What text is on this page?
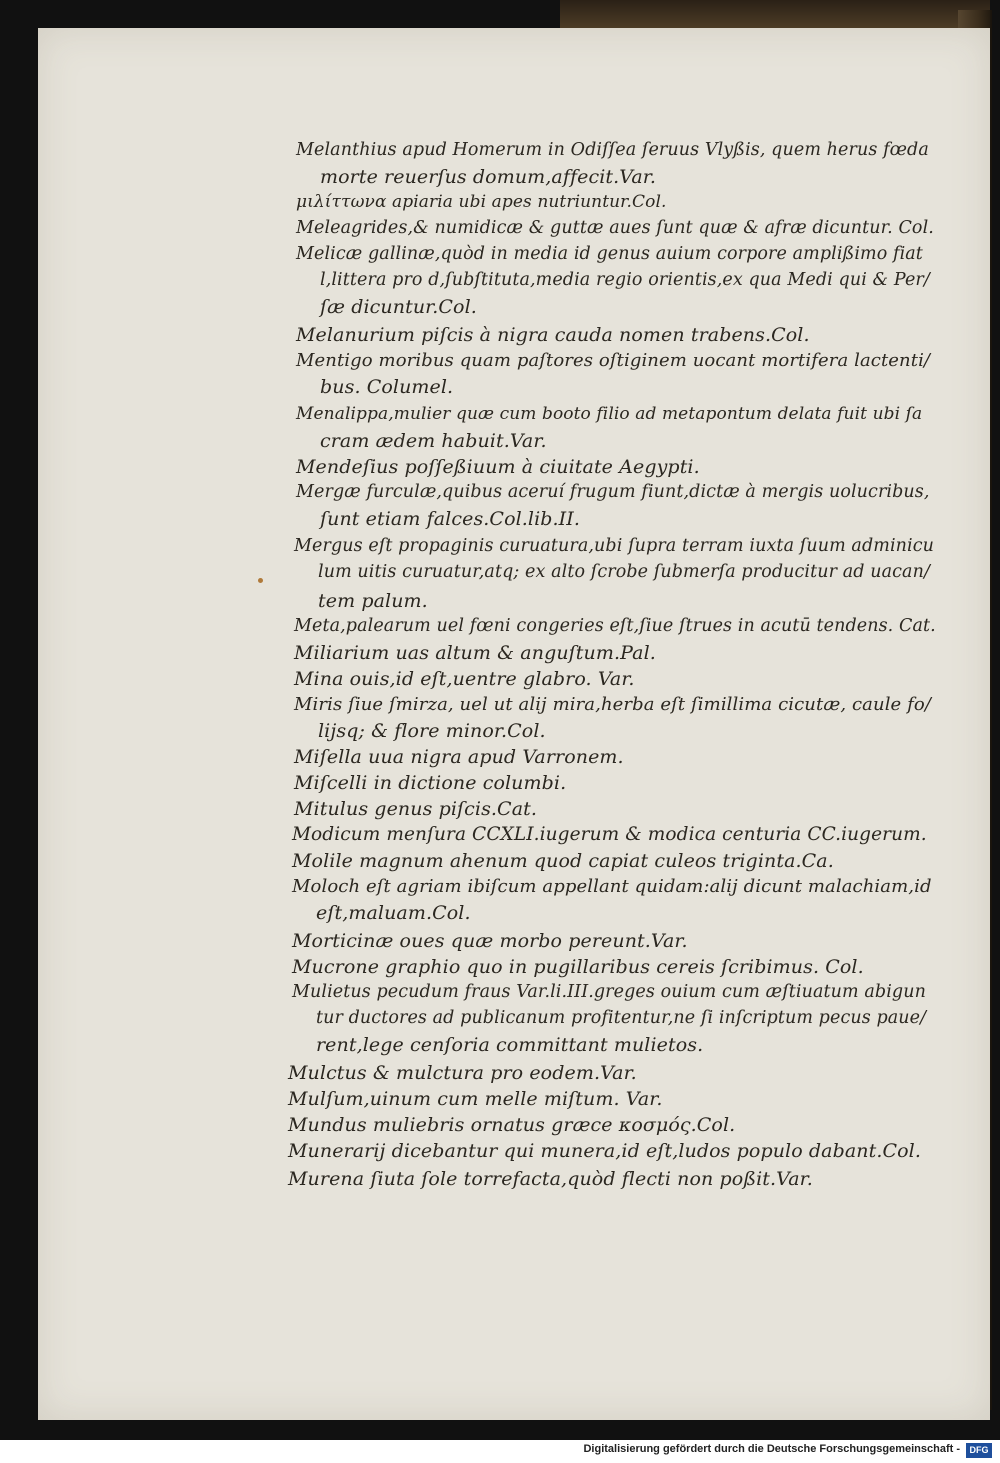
Melanthius apud Homerum in Odiſſea ſeruus Vlyßis, quem herus fœda
morte reuerſus domum,affecit.Var.
μιλίττωνα apiaria ubi apes nutriuntur.Col.
Meleagrides,& numidicæ & guttæ aues ſunt quæ & afræ dicuntur. Col.
Melicæ gallinæ,quòd in media id genus auium corpore amplißimo fiat
l,littera pro d,ſubſtituta,media regio orientis,ex qua Medi qui & Per/
ſæ dicuntur.Col.
Melanurium piſcis à nigra cauda nomen trabens.Col.
Mentigo moribus quam paſtores oſtiginem uocant mortifera lactenti/
bus. Columel.
Menalippa,mulier quæ cum booto filio ad metapontum delata fuit ubi ſa
cram ædem habuit.Var.
Mendeſius poſſeßiuum à ciuitate Aegypti.
Mergæ furculæ,quibus aceruí frugum fiunt,dictæ à mergis uolucribus,
ſunt etiam falces.Col.lib.II.
Mergus eſt propaginis curuatura,ubi ſupra terram iuxta ſuum adminicu
lum uitis curuatur,atq; ex alto ſcrobe ſubmerſa producitur ad uacan/
tem palum.
Meta,palearum uel fœni congeries eſt,ſiue ſtrues in acutū tendens. Cat.
Miliarium uas altum & anguſtum.Pal.
Mina ouis,id eſt,uentre glabro. Var.
Miris ſiue ſmirza, uel ut alij mira,herba eſt ſimillima cicutæ, caule fo/
lijsq; & flore minor.Col.
Miſella uua nigra apud Varronem.
Miſcelli in dictione columbi.
Mitulus genus piſcis.Cat.
Modicum menſura CCXLI.iugerum & modica centuria CC.iugerum.
Molile magnum ahenum quod capiat culeos triginta.Ca.
Moloch eſt agriam ibiſcum appellant quidam:alij dicunt malachiam,id
eſt,maluam.Col.
Morticinæ oues quæ morbo pereunt.Var.
Mucrone graphio quo in pugillaribus cereis ſcribimus. Col.
Mulietus pecudum fraus Var.li.III.greges ouium cum æſtiuatum abigun
tur ductores ad publicanum profitentur,ne ſi inſcriptum pecus paue/
rent,lege cenſoria committant mulietos.
Mulctus & mulctura pro eodem.Var.
Mulſum,uinum cum melle miſtum. Var.
Mundus muliebris ornatus græce κοσμός.Col.
Munerarij dicebantur qui munera,id eſt,ludos populo dabant.Col.
Murena ſiuta ſole torrefacta,quòd flecti non poßit.Var.
Digitalisierung gefördert durch die Deutsche Forschungsgemeinschaft -	DFG
